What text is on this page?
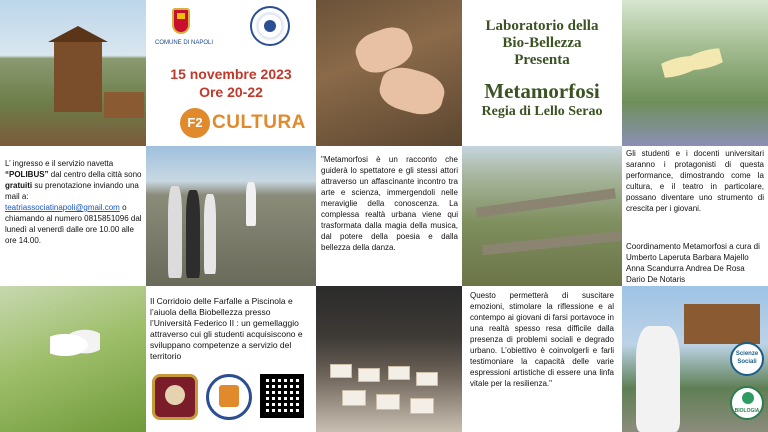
COMUNE DI NAPOLI
15 novembre 2023
Ore 20-22
F2 CULTURA
Laboratorio della
Bio-Bellezza
Presenta
Metamorfosi
Regia di Lello Serao
L’ ingresso e il servizio navetta “POLIBUS” dal centro della città sono gratuiti su prenotazione inviando una mail a: teatriassociatinapoli@gmail.com o chiamando al numero 0815851096 dal lunedì al venerdì dalle ore 10.00 alle ore 14.00.
"Metamorfosi è un racconto che guiderà lo spettatore e gli stessi attori attraverso un affascinante incontro tra arte e scienza, immergendoli nelle meraviglie della conoscenza. La complessa realtà urbana viene qui trasformata dalla magia della musica, dal potere della poesia e dalla bellezza della danza.
Gli studenti e i docenti universitari saranno i protagonisti di questa performance, dimostrando come la cultura, e il teatro in particolare, possano diventare uno strumento di crescita per i giovani.
Coordinamento Metamorfosi a cura di Umberto Laperuta Barbara Majello Anna Scandurra Andrea De Rosa Dario De Notaris
Il Corridoio delle Farfalle a Piscinola e l’aiuola della Biobellezza presso l’Università Federico II : un gemellaggio attraverso cui gli studenti acquisiscono e sviluppano competenze a servizio del territorio
Questo permetterà di suscitare emozioni, stimolare la riflessione e al contempo ai giovani di farsi portavoce in una realtà spesso resa difficile dalla presenza di problemi sociali e degrado urbano. L’obiettivo è coinvolgerli e farli testimoniare la capacità delle varie espressioni artistiche di essere una linfa vitale per la resilienza."
Scienze Sociali
BIOLOGIA
